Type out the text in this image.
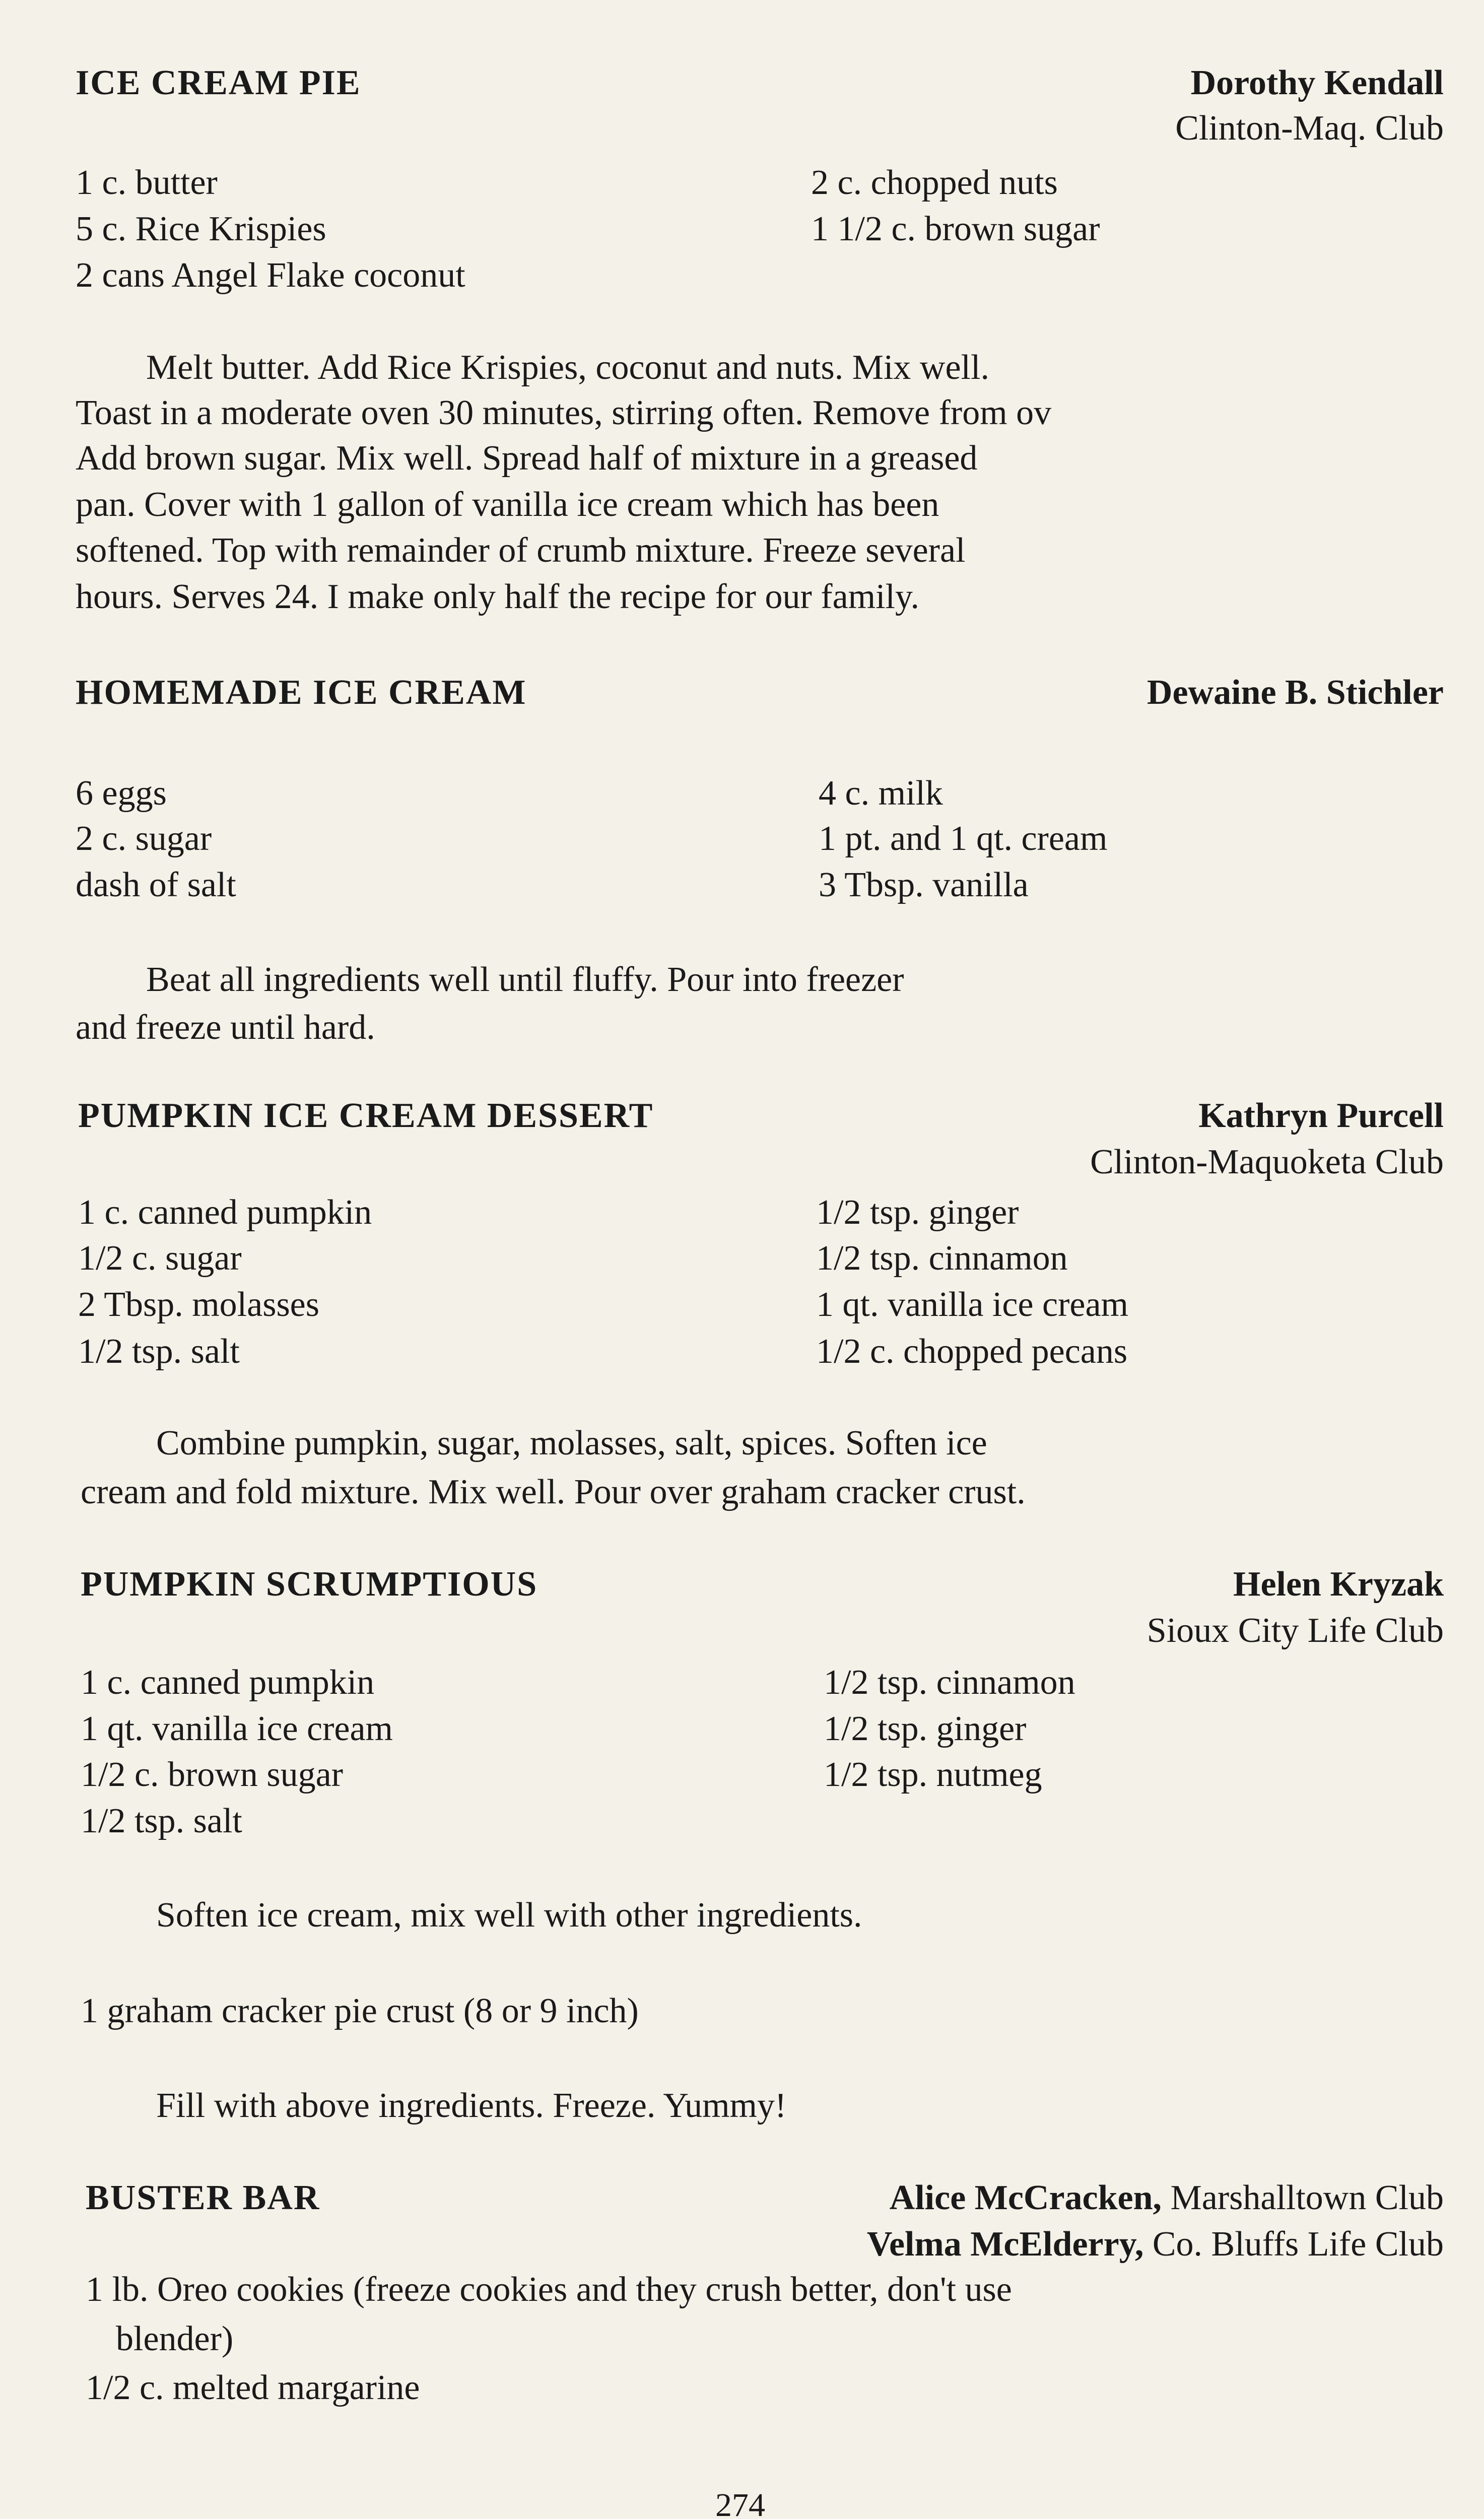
ICE CREAM PIE	Dorothy Kendall
Clinton-Maq. Club
1 c. butter
5 c. Rice Krispies
2 cans Angel Flake coconut
2 c. chopped nuts
1 1/2 c. brown sugar
Melt butter. Add Rice Krispies, coconut and nuts. Mix well.
Toast in a moderate oven 30 minutes, stirring often. Remove from ov
Add brown sugar. Mix well. Spread half of mixture in a greased
pan. Cover with 1 gallon of vanilla ice cream which has been
softened. Top with remainder of crumb mixture. Freeze several
hours. Serves 24. I make only half the recipe for our family.
HOMEMADE ICE CREAM	Dewaine B. Stichler
6 eggs
2 c. sugar
dash of salt
4 c. milk
1 pt. and 1 qt. cream
3 Tbsp. vanilla
Beat all ingredients well until fluffy. Pour into freezer
and freeze until hard.
PUMPKIN ICE CREAM DESSERT	Kathryn Purcell
Clinton-Maquoketa Club
1 c. canned pumpkin
1/2 c. sugar
2 Tbsp. molasses
1/2 tsp. salt
1/2 tsp. ginger
1/2 tsp. cinnamon
1 qt. vanilla ice cream
1/2 c. chopped pecans
Combine pumpkin, sugar, molasses, salt, spices. Soften ice
cream and fold mixture. Mix well. Pour over graham cracker crust.
PUMPKIN SCRUMPTIOUS	Helen Kryzak
Sioux City Life Club
1 c. canned pumpkin
1 qt. vanilla ice cream
1/2 c. brown sugar
1/2 tsp. salt
1/2 tsp. cinnamon
1/2 tsp. ginger
1/2 tsp. nutmeg
Soften ice cream, mix well with other ingredients.
1 graham cracker pie crust (8 or 9 inch)
Fill with above ingredients. Freeze. Yummy!
BUSTER BAR	Alice McCracken, Marshalltown Club
Velma McElderry, Co. Bluffs Life Club
1 lb. Oreo cookies (freeze cookies and they crush better, don't use
blender)
1/2 c. melted margarine
274
